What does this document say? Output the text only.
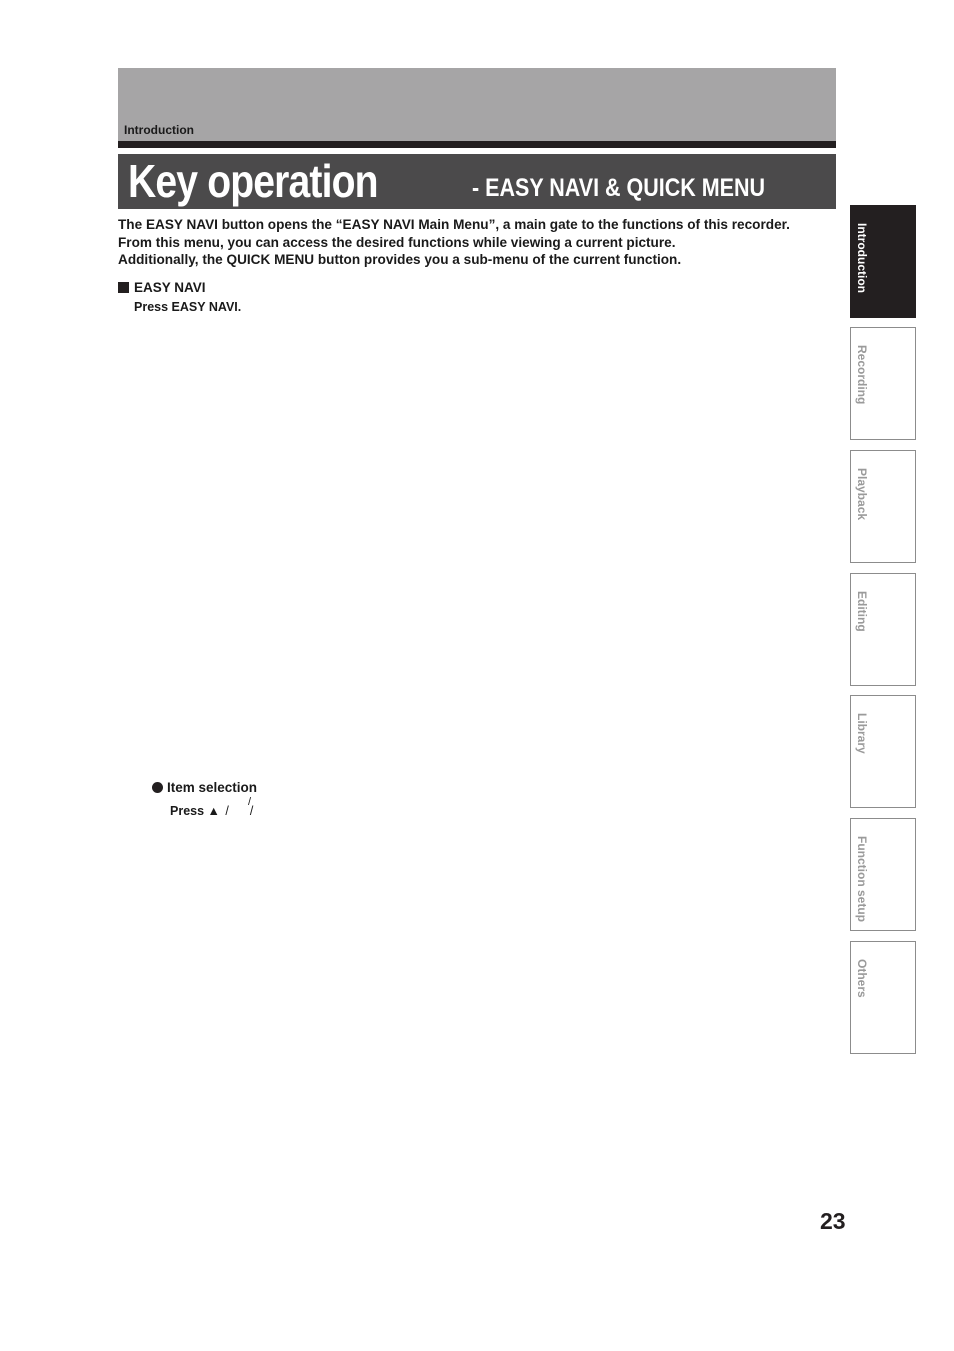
Introduction
Key operation	- EASY NAVI & QUICK MENU

The EASY NAVI button opens the “EASY NAVI Main Menu”, a main gate to the functions of this recorder.

From this menu, you can access the desired functions while viewing a current picture.

Additionally, the QUICK MENU button provides you a sub-menu of the current function.

EASY NAVI
Press EASY NAVI.
Item selection
Press ▲ / /
/
Introduction
Recording
Playback
Editing
Library
Function setup
Others
23
